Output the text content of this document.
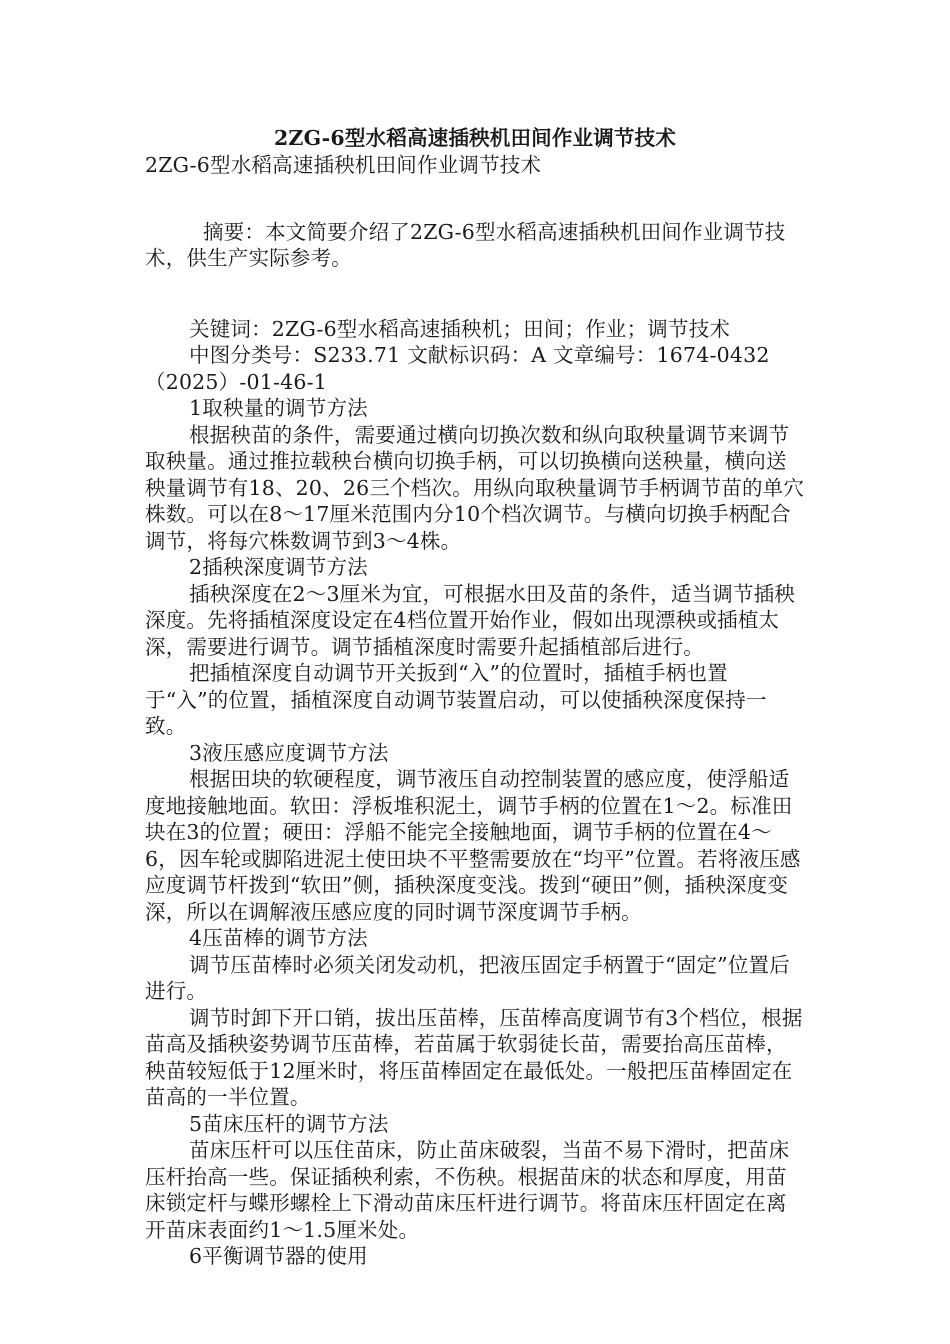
2ZG-6型水稻高速插秧机田间作业调节技术

2ZG-6型水稻高速插秧机田间作业调节技术

摘要：本文简要介绍了2ZG-6型水稻高速插秧机田间作业调节技术，供生产实际参考。

关键词：2ZG-6型水稻高速插秧机；田间；作业；调节技术

中图分类号：S233.71 文献标识码：A 文章编号：1674-0432（2025）-01-46-1

1取秧量的调节方法

根据秧苗的条件，需要通过横向切换次数和纵向取秧量调节来调节取秧量。通过推拉载秧台横向切换手柄，可以切换横向送秧量，横向送秧量调节有18、20、26三个档次。用纵向取秧量调节手柄调节苗的单穴株数。可以在8～17厘米范围内分10个档次调节。与横向切换手柄配合调节，将每穴株数调节到3～4株。

2插秧深度调节方法

插秧深度在2～3厘米为宜，可根据水田及苗的条件，适当调节插秧深度。先将插植深度设定在4档位置开始作业，假如出现漂秧或插植太深，需要进行调节。调节插植深度时需要升起插植部后进行。

把插植深度自动调节开关扳到“入”的位置时，插植手柄也置于“入”的位置，插植深度自动调节装置启动，可以使插秧深度保持一致。

3液压感应度调节方法

根据田块的软硬程度，调节液压自动控制装置的感应度，使浮船适度地接触地面。软田：浮板堆积泥土，调节手柄的位置在1～2。标准田块在3的位置；硬田：浮船不能完全接触地面，调节手柄的位置在4～6，因车轮或脚陷进泥土使田块不平整需要放在“均平”位置。若将液压感应度调节杆拨到“软田”侧，插秧深度变浅。拨到“硬田”侧，插秧深度变深，所以在调解液压感应度的同时调节深度调节手柄。

4压苗棒的调节方法

调节压苗棒时必须关闭发动机，把液压固定手柄置于“固定”位置后进行。

调节时卸下开口销，拔出压苗棒，压苗棒高度调节有3个档位，根据苗高及插秧姿势调节压苗棒，若苗属于软弱徒长苗，需要抬高压苗棒，秧苗较短低于12厘米时，将压苗棒固定在最低处。一般把压苗棒固定在苗高的一半位置。

5苗床压杆的调节方法

苗床压杆可以压住苗床，防止苗床破裂，当苗不易下滑时，把苗床压杆抬高一些。保证插秧利索，不伤秧。根据苗床的状态和厚度，用苗床锁定杆与蝶形螺栓上下滑动苗床压杆进行调节。将苗床压杆固定在离开苗床表面约1～1.5厘米处。

6平衡调节器的使用
